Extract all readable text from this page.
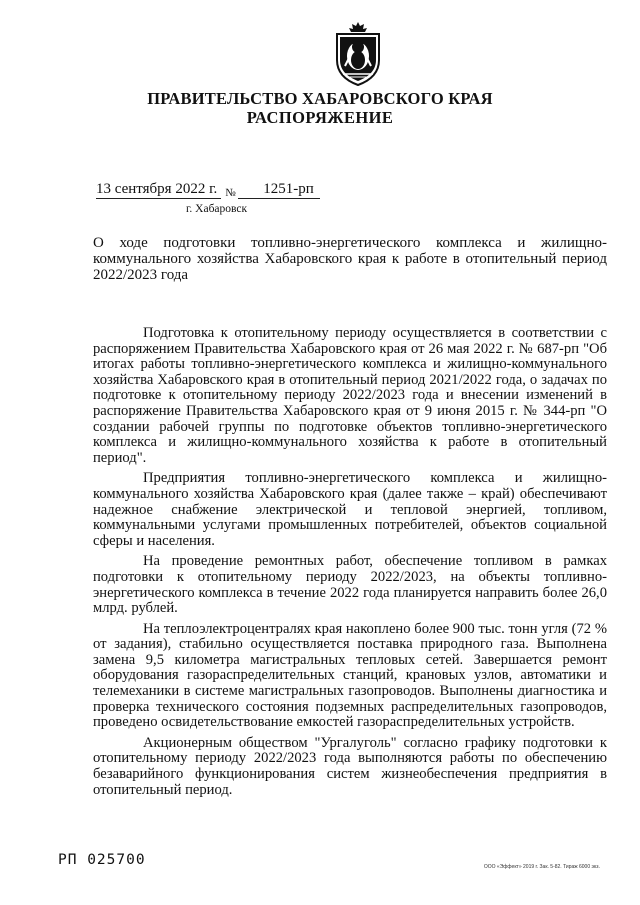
ПРАВИТЕЛЬСТВО ХАБАРОВСКОГО КРАЯ
РАСПОРЯЖЕНИЕ
13 сентября 2022 г. $_№$ 1251-рп
г. Хабаровск
О ходе подготовки топливно-энергетического комплекса и жилищно-коммунального хозяйства Хабаровского края к работе в отопительный период 2022/2023 года

Подготовка к отопительному периоду осуществляется в соответствии с распоряжением Правительства Хабаровского края от 26 мая 2022 г. № 687-рп "Об итогах работы топливно-энергетического комплекса и жилищно-коммунального хозяйства Хабаровского края в отопительный период 2021/2022 года, о задачах по подготовке к отопительному периоду 2022/2023 года и внесении изменений в распоряжение Правительства Хабаровского края от 9 июня 2015 г. № 344-рп "О создании рабочей группы по подготовке объектов топливно-энергетического комплекса и жилищно-коммунального хозяйства к работе в отопительный период".

Предприятия топливно-энергетического комплекса и жилищно-коммунального хозяйства Хабаровского края (далее также – край) обеспечивают надежное снабжение электрической и тепловой энергией, топливом, коммунальными услугами промышленных потребителей, объектов социальной сферы и населения.

На проведение ремонтных работ, обеспечение топливом в рамках подготовки к отопительному периоду 2022/2023, на объекты топливно-энергетического комплекса в течение 2022 года планируется направить более 26,0 млрд. рублей.

На теплоэлектроцентралях края накоплено более 900 тыс. тонн угля (72 % от задания), стабильно осуществляется поставка природного газа. Выполнена замена 9,5 километра магистральных тепловых сетей. Завершается ремонт оборудования газораспределительных станций, крановых узлов, автоматики и телемеханики в системе магистральных газопроводов. Выполнены диагностика и проверка технического состояния подземных распределительных газопроводов, проведено освидетельствование емкостей газораспределительных устройств.

Акционерным обществом "Ургалуголь" согласно графику подготовки к отопительному периоду 2022/2023 года выполняются работы по обеспечению безаварийного функционирования систем жизнеобеспечения предприятия в отопительный период.

РП 025700	ООО «Эффект» 2019 г. Зак. 5-82. Тираж 6000 экз.
